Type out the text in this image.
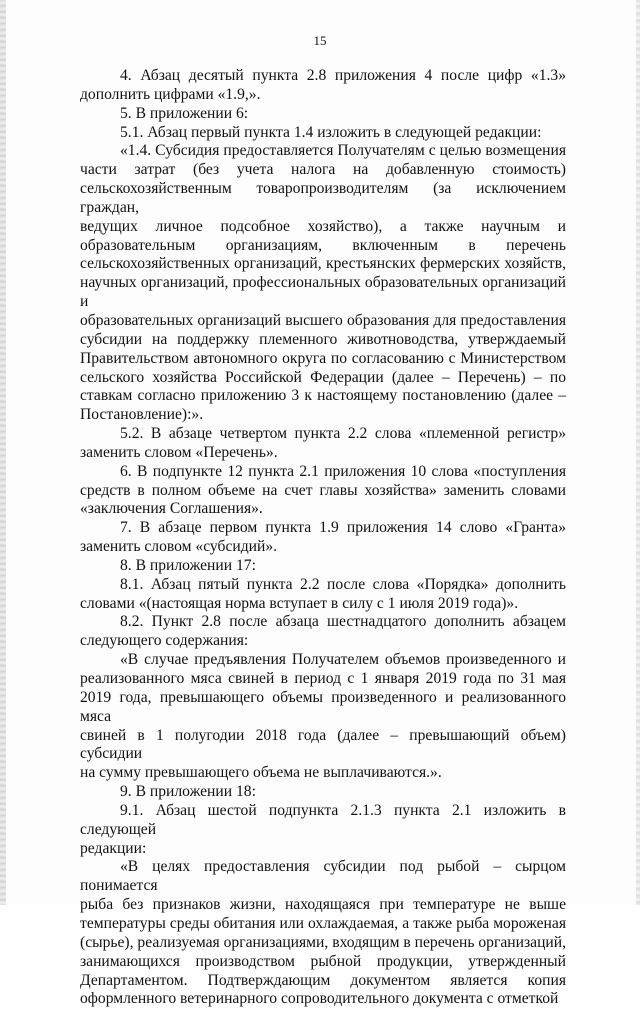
15

4. Абзац десятый пункта 2.8 приложения 4 после цифр «1.3»
дополнить цифрами «1.9,».

5. В приложении 6:

5.1. Абзац первый пункта 1.4 изложить в следующей редакции:

«1.4. Субсидия предоставляется Получателям с целью возмещения
части затрат (без учета налога на добавленную стоимость)
сельскохозяйственным товаропроизводителям (за исключением граждан,
ведущих личное подсобное хозяйство), а также научным и
образовательным организациям, включенным в перечень
сельскохозяйственных организаций, крестьянских фермерских хозяйств,
научных организаций, профессиональных образовательных организаций и
образовательных организаций высшего образования для предоставления
субсидии на поддержку племенного животноводства, утверждаемый
Правительством автономного округа по согласованию с Министерством
сельского хозяйства Российской Федерации (далее – Перечень) – по
ставкам согласно приложению 3 к настоящему постановлению (далее –
Постановление):».

5.2. В абзаце четвертом пункта 2.2 слова «племенной регистр»
заменить словом «Перечень».

6. В подпункте 12 пункта 2.1 приложения 10 слова «поступления
средств в полном объеме на счет главы хозяйства» заменить словами
«заключения Соглашения».

7. В абзаце первом пункта 1.9 приложения 14 слово «Гранта»
заменить словом «субсидий».

8. В приложении 17:

8.1. Абзац пятый пункта 2.2 после слова «Порядка» дополнить
словами «(настоящая норма вступает в силу с 1 июля 2019 года)».

8.2. Пункт 2.8 после абзаца шестнадцатого дополнить абзацем
следующего содержания:

«В случае предъявления Получателем объемов произведенного и
реализованного мяса свиней в период с 1 января 2019 года по 31 мая
2019 года, превышающего объемы произведенного и реализованного мяса
свиней в 1 полугодии 2018 года (далее – превышающий объем) субсидии
на сумму превышающего объема не выплачиваются.».

9. В приложении 18:

9.1. Абзац шестой подпункта 2.1.3 пункта 2.1 изложить в следующей
редакции:

«В целях предоставления субсидии под рыбой – сырцом понимается
рыба без признаков жизни, находящаяся при температуре не выше
температуры среды обитания или охлаждаемая, а также рыба мороженая
(сырье), реализуемая организациями, входящим в перечень организаций,
занимающихся производством рыбной продукции, утвержденный
Департаментом. Подтверждающим документом является копия
оформленного ветеринарного сопроводительного документа с отметкой
